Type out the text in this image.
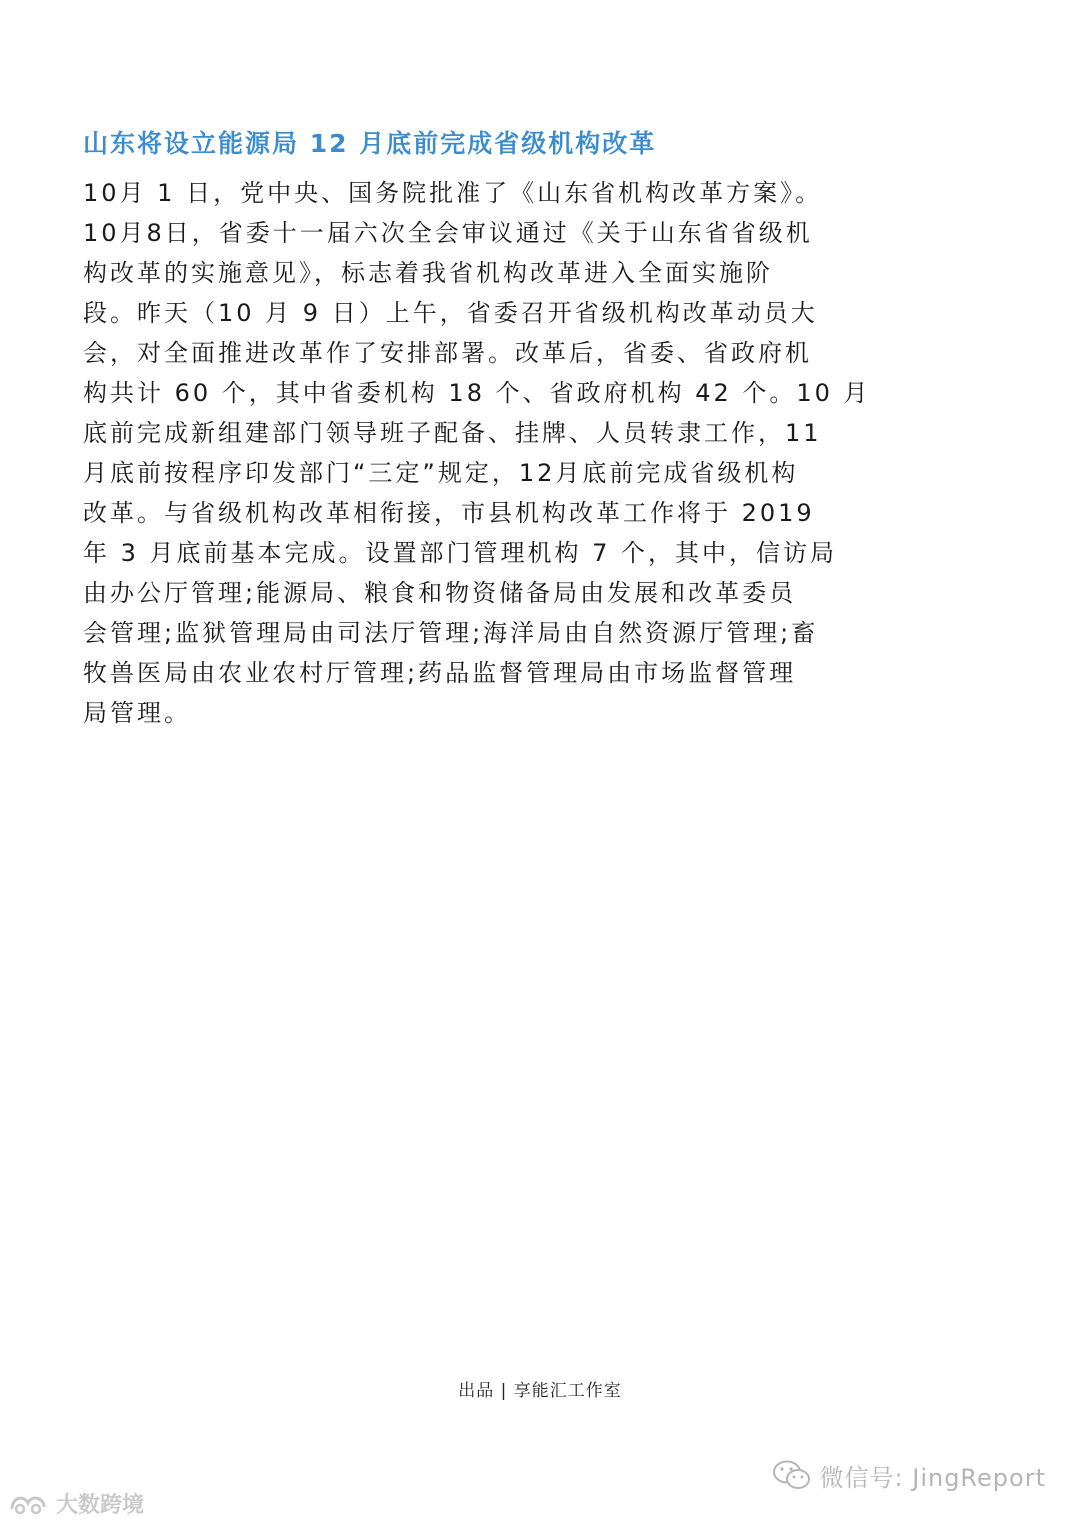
山东将设立能源局 12 月底前完成省级机构改革
10月 1 日，党中央、国务院批准了《山东省机构改革方案》。
10月8日，省委十一届六次全会审议通过《关于山东省省级机
构改革的实施意见》，标志着我省机构改革进入全面实施阶
段。昨天（10 月 9 日）上午，省委召开省级机构改革动员大
会，对全面推进改革作了安排部署。改革后，省委、省政府机
构共计 60 个，其中省委机构 18 个、省政府机构 42 个。10 月
底前完成新组建部门领导班子配备、挂牌、人员转隶工作，11
月底前按程序印发部门“三定”规定，12月底前完成省级机构
改革。与省级机构改革相衔接，市县机构改革工作将于 2019
年 3 月底前基本完成。设置部门管理机构 7 个，其中，信访局
由办公厅管理;能源局、粮食和物资储备局由发展和改革委员
会管理;监狱管理局由司法厅管理;海洋局由自然资源厅管理;畜
牧兽医局由农业农村厅管理;药品监督管理局由市场监督管理
局管理。
出品 | 享能汇工作室
微信号: JingReport
大数跨境
